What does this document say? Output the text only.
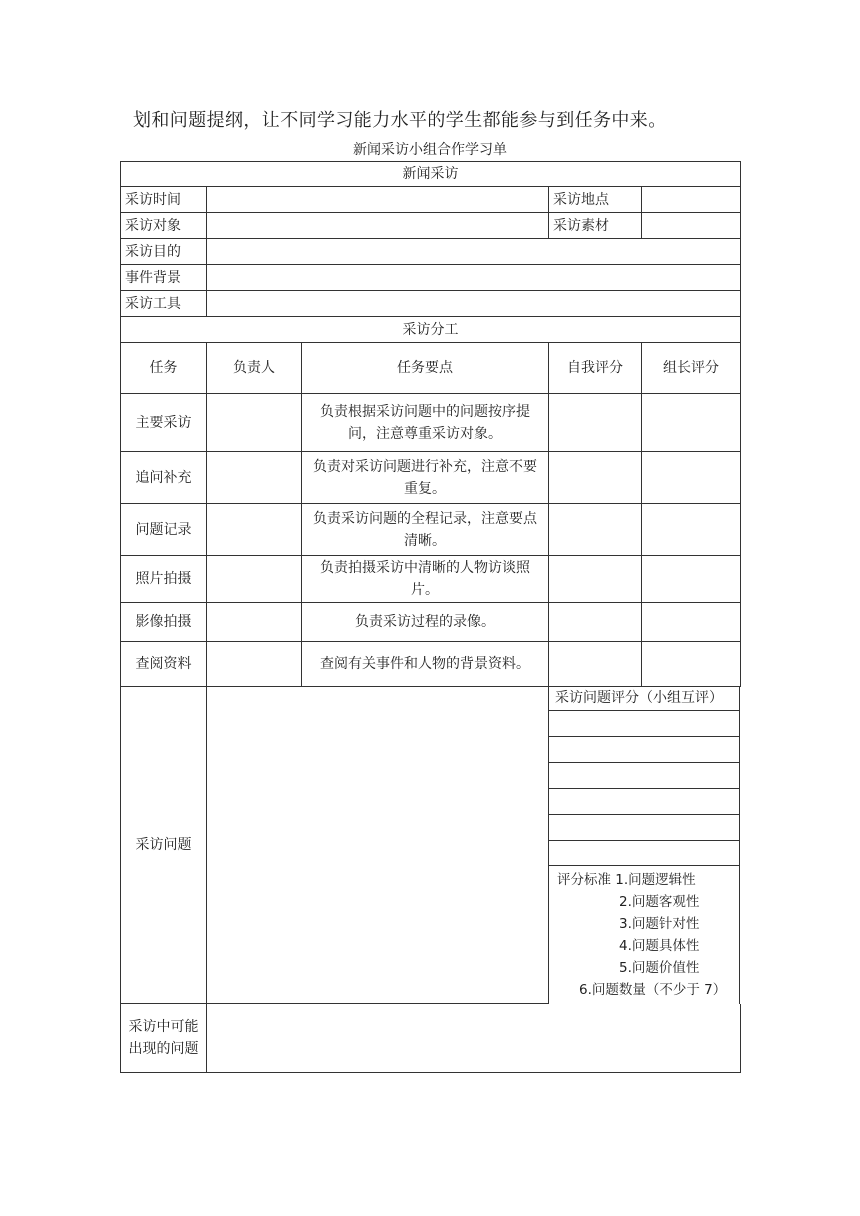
划和问题提纲，让不同学习能力水平的学生都能参与到任务中来。
新闻采访小组合作学习单
新闻采访				
采访时间			采访地点	
采访对象			采访素材	
采访目的				
事件背景				
采访工具				
采访分工				
任务	负责人	任务要点	自我评分	组长评分
主要采访		负责根据采访问题中的问题按序提问，注意尊重采访对象。		
追问补充		负责对采访问题进行补充，注意不要重复。		
问题记录		负责采访问题的全程记录，注意要点清晰。		
照片拍摄		负责拍摄采访中清晰的人物访谈照片。		
影像拍摄		负责采访过程的录像。		
查阅资料		查阅有关事件和人物的背景资料。		
采访问题			
采访问题评分（小组互评）
评分标准 1.问题逻辑性
2.问题客观性
3.问题针对性
4.问题具体性
5.问题价值性
6.问题数量（不少于 7）
采访中可能出现的问题	
